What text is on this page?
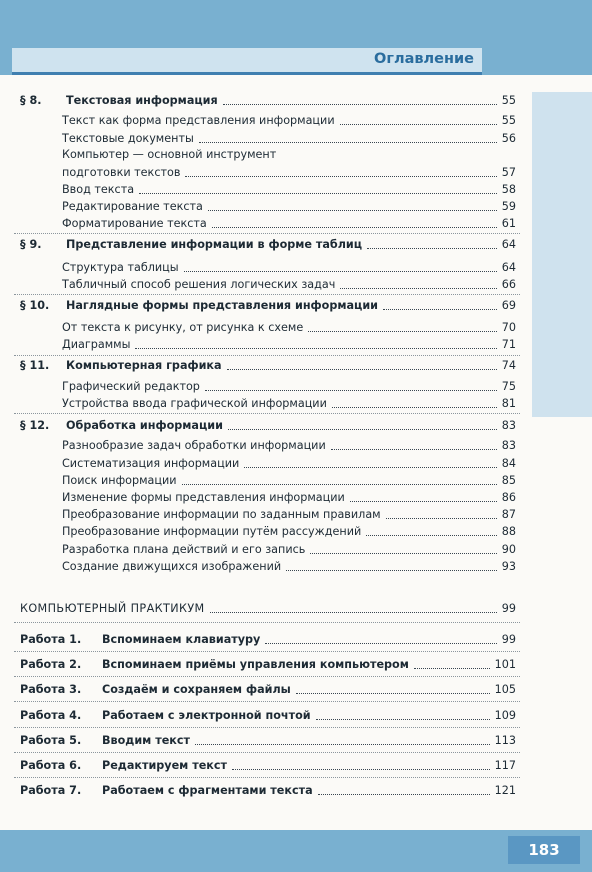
Оглавление
§ 8.	Текстовая информация	55
Текст как форма представления информации	55
Текстовые документы	56
Компьютер — основной инструмент
подготовки текстов	57
Ввод текста	58
Редактирование текста	59
Форматирование текста	61
§ 9.	Представление информации в форме таблиц	64
Структура таблицы	64
Табличный способ решения логических задач	66
§ 10.	Наглядные формы представления информации	69
От текста к рисунку, от рисунка к схеме	70
Диаграммы	71
§ 11.	Компьютерная графика	74
Графический редактор	75
Устройства ввода графической информации	81
§ 12.	Обработка информации	83
Разнообразие задач обработки информации	83
Систематизация информации	84
Поиск информации	85
Изменение формы представления информации	86
Преобразование информации по заданным правилам	87
Преобразование информации путём рассуждений	88
Разработка плана действий и его запись	90
Создание движущихся изображений	93
КОМПЬЮТЕРНЫЙ ПРАКТИКУМ	99
Работа 1.	Вспоминаем клавиатуру	99
Работа 2.	Вспоминаем приёмы управления компьютером	101
Работа 3.	Создаём и сохраняем файлы	105
Работа 4.	Работаем с электронной почтой	109
Работа 5.	Вводим текст	113
Работа 6.	Редактируем текст	117
Работа 7.	Работаем с фрагментами текста	121
183
